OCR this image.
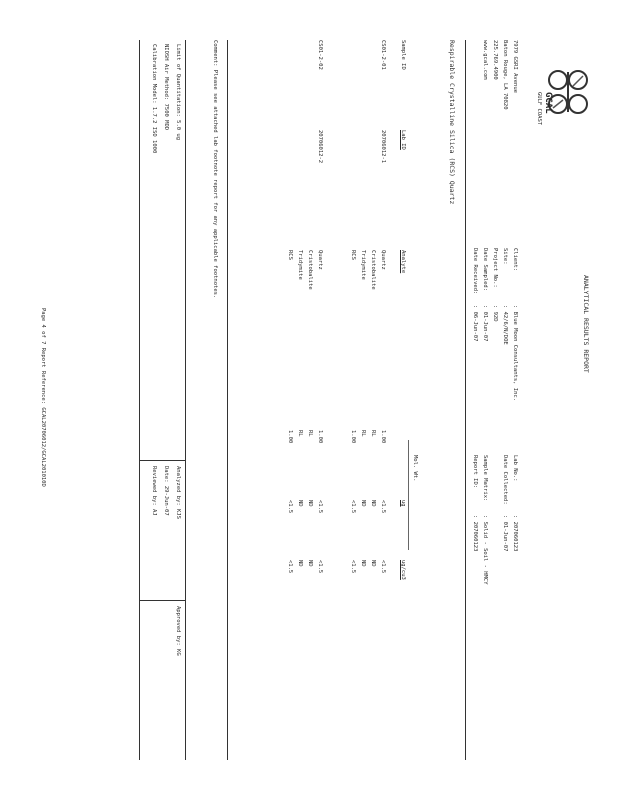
GCAL
GULF COAST
ANALYTICAL RESULTS REPORT
7979 GSRI Avenue
Baton Rouge, LA 70820
225.769.4900
www.gcal.com
Client:
Site:
Project No.:
Date Sampled:
Date Received:
: Blue Moon Consultants, Inc.
: 42/6/N/DOE
: 92D
: 01-Jun-07
: 06-Jun-07
Lab No.:
Date Collected:
Sample Matrix:
Report ID:
: 207060123
: 01-Jun-07
: Solid - Soil - HMCY
: 207060123
Respirable Crystalline Silica (RCS) Quartz
Mol. Wt.
Sample ID
Lab ID
Analyte
ug
ug/cu3
CS01-2-01
20706012-1
Quartz
1.00
<1.5
<1.5
Cristobalite
RL
ND
ND
Tridymite
RL
ND
ND
RCS
1.00
<1.5
<1.5
CS01-2-02
20706012-2
Quartz
1.00
<1.5
<1.5
Cristobalite
RL
ND
ND
Tridymite
RL
ND
ND
RCS
1.00
<1.5
<1.5
Comment: Please see attached lab footnote report for any applicable footnotes.
Limit of Quantitation: 5.0 ug
NIOSH Air Method: 7500 MOD
Calibration Model: 1.7.2 ISO 1000
Analyzed by: KJS
Date: 29-Jun-07
Reviewed by: AJ
Approved by: KG
Page 4 of 7 Report Reference: GCAL20706012/GCAL201010D
